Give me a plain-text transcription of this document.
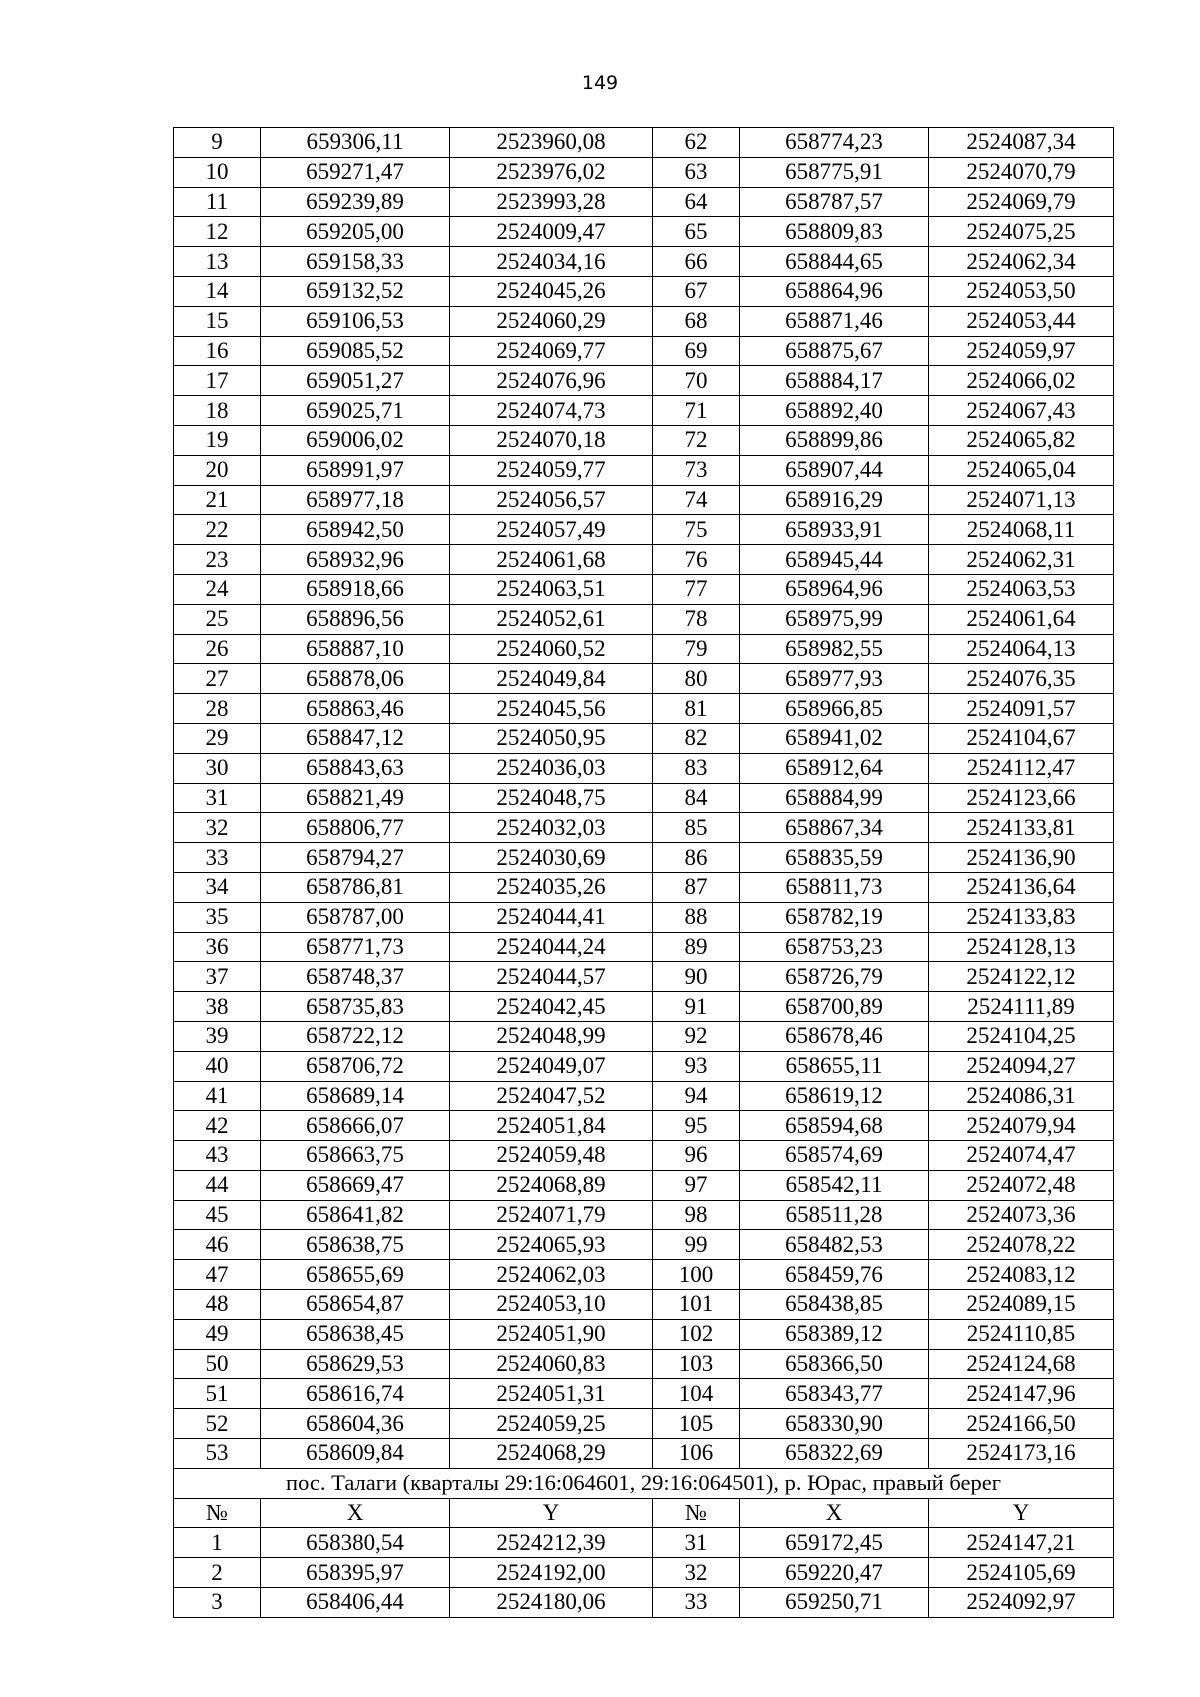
149
9	659306,11	2523960,08	62	658774,23	2524087,34
10	659271,47	2523976,02	63	658775,91	2524070,79
11	659239,89	2523993,28	64	658787,57	2524069,79
12	659205,00	2524009,47	65	658809,83	2524075,25
13	659158,33	2524034,16	66	658844,65	2524062,34
14	659132,52	2524045,26	67	658864,96	2524053,50
15	659106,53	2524060,29	68	658871,46	2524053,44
16	659085,52	2524069,77	69	658875,67	2524059,97
17	659051,27	2524076,96	70	658884,17	2524066,02
18	659025,71	2524074,73	71	658892,40	2524067,43
19	659006,02	2524070,18	72	658899,86	2524065,82
20	658991,97	2524059,77	73	658907,44	2524065,04
21	658977,18	2524056,57	74	658916,29	2524071,13
22	658942,50	2524057,49	75	658933,91	2524068,11
23	658932,96	2524061,68	76	658945,44	2524062,31
24	658918,66	2524063,51	77	658964,96	2524063,53
25	658896,56	2524052,61	78	658975,99	2524061,64
26	658887,10	2524060,52	79	658982,55	2524064,13
27	658878,06	2524049,84	80	658977,93	2524076,35
28	658863,46	2524045,56	81	658966,85	2524091,57
29	658847,12	2524050,95	82	658941,02	2524104,67
30	658843,63	2524036,03	83	658912,64	2524112,47
31	658821,49	2524048,75	84	658884,99	2524123,66
32	658806,77	2524032,03	85	658867,34	2524133,81
33	658794,27	2524030,69	86	658835,59	2524136,90
34	658786,81	2524035,26	87	658811,73	2524136,64
35	658787,00	2524044,41	88	658782,19	2524133,83
36	658771,73	2524044,24	89	658753,23	2524128,13
37	658748,37	2524044,57	90	658726,79	2524122,12
38	658735,83	2524042,45	91	658700,89	2524111,89
39	658722,12	2524048,99	92	658678,46	2524104,25
40	658706,72	2524049,07	93	658655,11	2524094,27
41	658689,14	2524047,52	94	658619,12	2524086,31
42	658666,07	2524051,84	95	658594,68	2524079,94
43	658663,75	2524059,48	96	658574,69	2524074,47
44	658669,47	2524068,89	97	658542,11	2524072,48
45	658641,82	2524071,79	98	658511,28	2524073,36
46	658638,75	2524065,93	99	658482,53	2524078,22
47	658655,69	2524062,03	100	658459,76	2524083,12
48	658654,87	2524053,10	101	658438,85	2524089,15
49	658638,45	2524051,90	102	658389,12	2524110,85
50	658629,53	2524060,83	103	658366,50	2524124,68
51	658616,74	2524051,31	104	658343,77	2524147,96
52	658604,36	2524059,25	105	658330,90	2524166,50
53	658609,84	2524068,29	106	658322,69	2524173,16
пос. Талаги (кварталы 29:16:064601, 29:16:064501), р. Юрас, правый берег					
№	X	Y	№	X	Y
1	658380,54	2524212,39	31	659172,45	2524147,21
2	658395,97	2524192,00	32	659220,47	2524105,69
3	658406,44	2524180,06	33	659250,71	2524092,97
